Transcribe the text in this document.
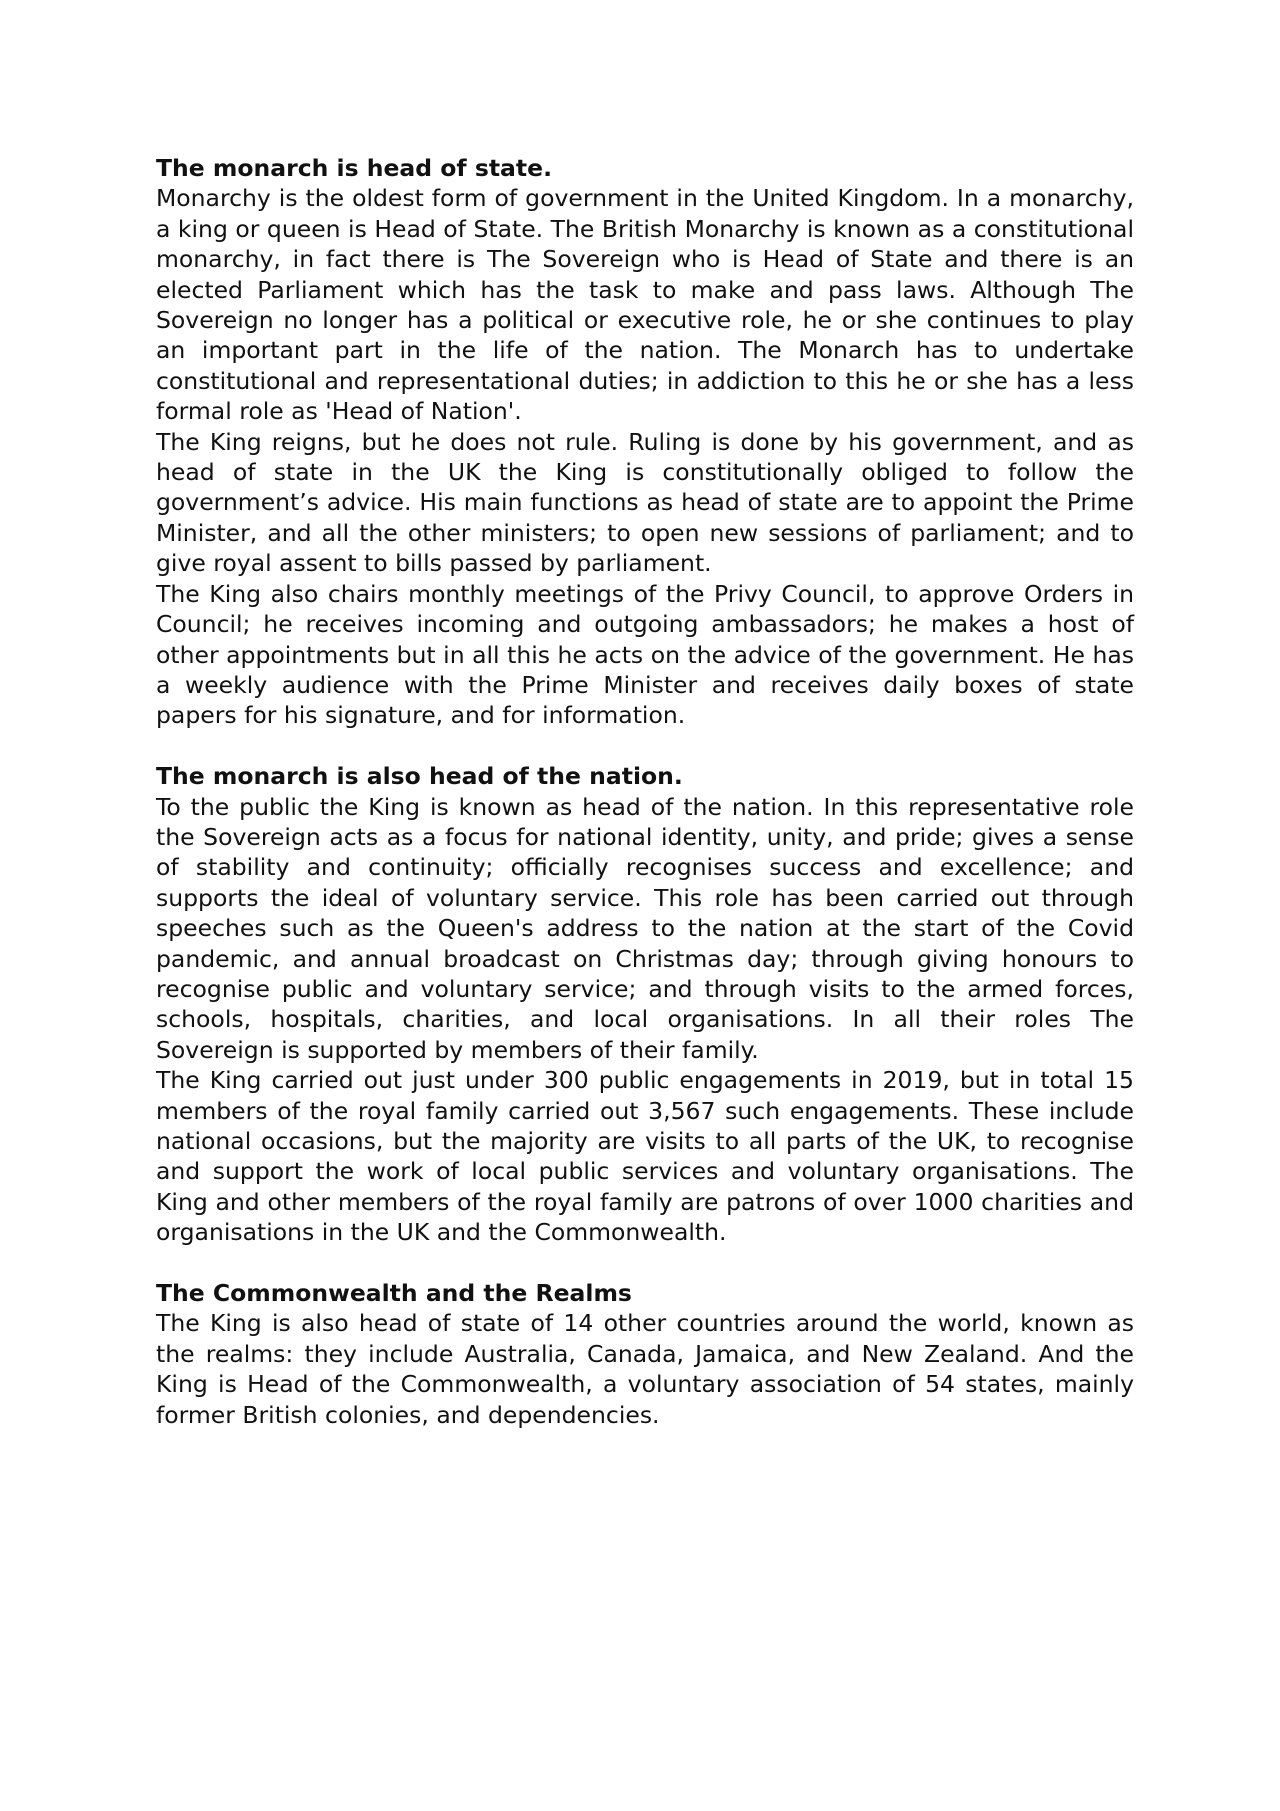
The monarch is head of state.

Monarchy is the oldest form of government in the United Kingdom. In a monarchy, a king or queen is Head of State. The British Monarchy is known as a constitutional monarchy, in fact there is The Sovereign who is Head of State and there is an elected Parliament which has the task to make and pass laws. Although The Sovereign no longer has a political or executive role, he or she continues to play an important part in the life of the nation. The Monarch has to undertake constitutional and representational duties; in addiction to this he or she has a less formal role as 'Head of Nation'.

The King reigns, but he does not rule. Ruling is done by his government, and as head of state in the UK the King is constitutionally obliged to follow the government’s advice. His main functions as head of state are to appoint the Prime Minister, and all the other ministers; to open new sessions of parliament; and to give royal assent to bills passed by parliament.

The King also chairs monthly meetings of the Privy Council, to approve Orders in Council; he receives incoming and outgoing ambassadors; he makes a host of other appointments but in all this he acts on the advice of the government. He has a weekly audience with the Prime Minister and receives daily boxes of state papers for his signature, and for information.

The monarch is also head of the nation.

To the public the King is known as head of the nation. In this representative role the Sovereign acts as a focus for national identity, unity, and pride; gives a sense of stability and continuity; officially recognises success and excellence; and supports the ideal of voluntary service. This role has been carried out through speeches such as the Queen's address to the nation at the start of the Covid pandemic, and annual broadcast on Christmas day; through giving honours to recognise public and voluntary service; and through visits to the armed forces, schools, hospitals, charities, and local organisations. In all their roles The Sovereign is supported by members of their family.

The King carried out just under 300 public engagements in 2019, but in total 15 members of the royal family carried out 3,567 such engagements. These include national occasions, but the majority are visits to all parts of the UK, to recognise and support the work of local public services and voluntary organisations. The King and other members of the royal family are patrons of over 1000 charities and organisations in the UK and the Commonwealth.

The Commonwealth and the Realms

The King is also head of state of 14 other countries around the world, known as the realms: they include Australia, Canada, Jamaica, and New Zealand. And the King is Head of the Commonwealth, a voluntary association of 54 states, mainly former British colonies, and dependencies.
